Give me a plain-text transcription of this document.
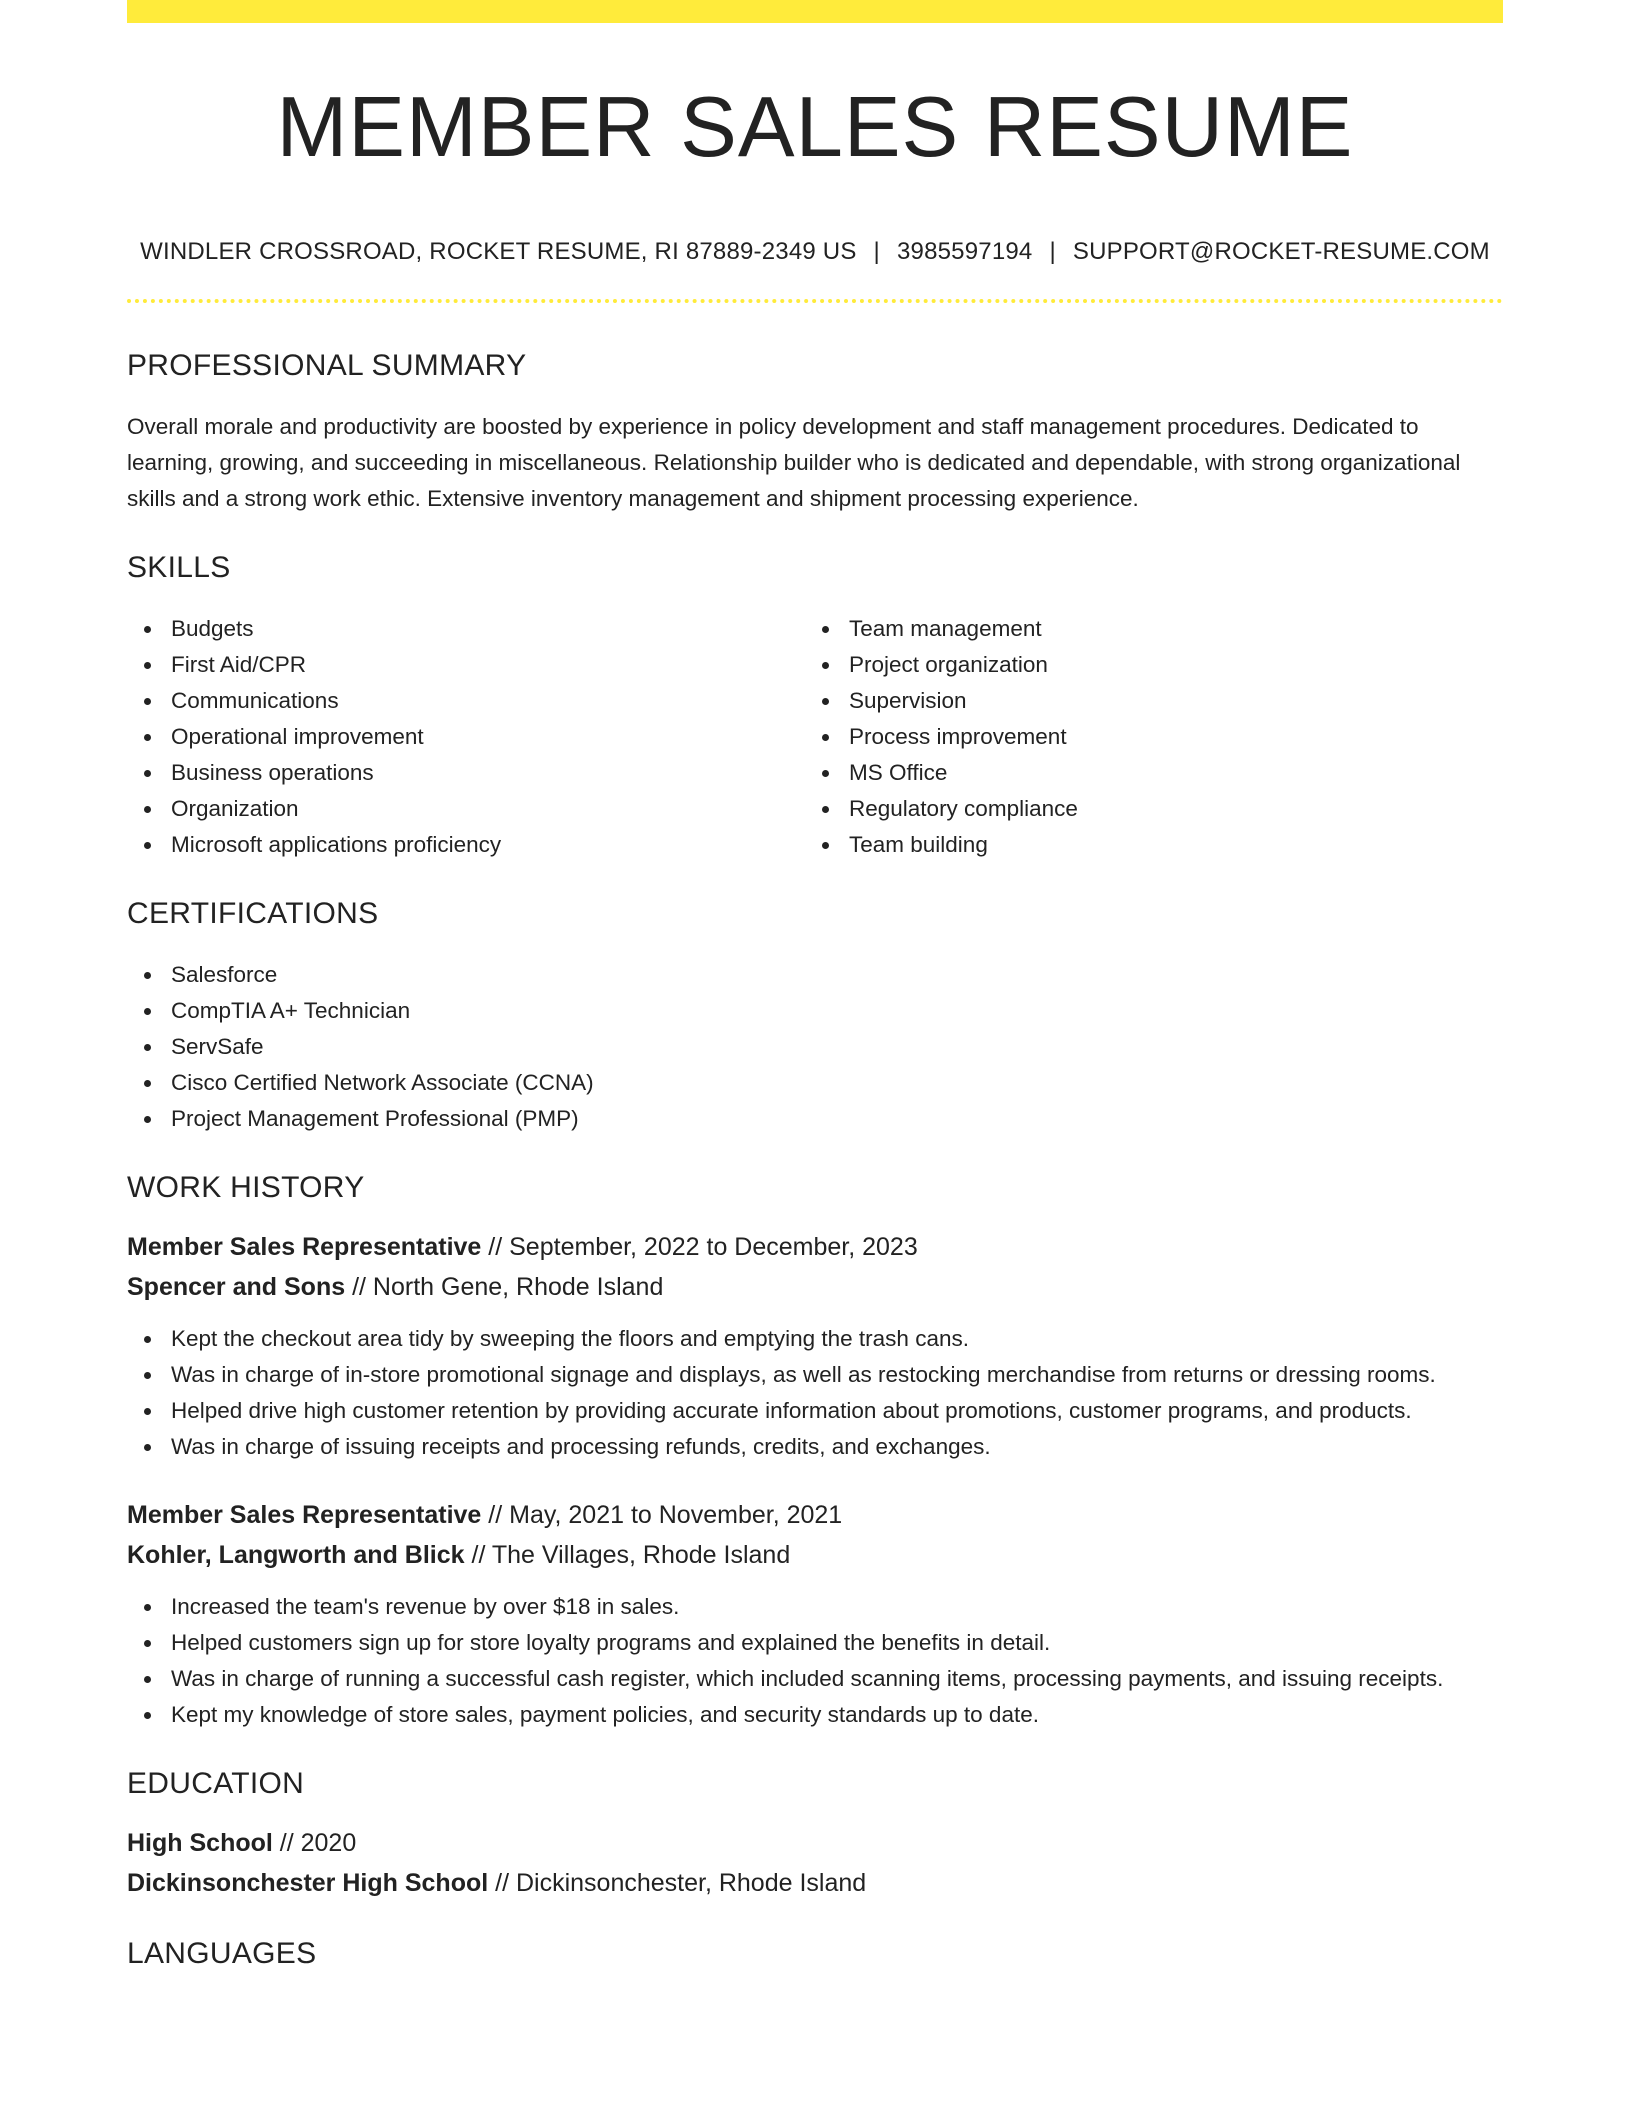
MEMBER SALES RESUME
WINDLER CROSSROAD, ROCKET RESUME, RI 87889-2349 US | 3985597194 | SUPPORT@ROCKET-RESUME.COM
PROFESSIONAL SUMMARY
Overall morale and productivity are boosted by experience in policy development and staff management procedures. Dedicated to learning, growing, and succeeding in miscellaneous. Relationship builder who is dedicated and dependable, with strong organizational skills and a strong work ethic. Extensive inventory management and shipment processing experience.
SKILLS
Budgets
First Aid/CPR
Communications
Operational improvement
Business operations
Organization
Microsoft applications proficiency
Team management
Project organization
Supervision
Process improvement
MS Office
Regulatory compliance
Team building
CERTIFICATIONS
Salesforce
CompTIA A+ Technician
ServSafe
Cisco Certified Network Associate (CCNA)
Project Management Professional (PMP)
WORK HISTORY
Member Sales Representative // September, 2022 to December, 2023
Spencer and Sons // North Gene, Rhode Island
Kept the checkout area tidy by sweeping the floors and emptying the trash cans.
Was in charge of in-store promotional signage and displays, as well as restocking merchandise from returns or dressing rooms.
Helped drive high customer retention by providing accurate information about promotions, customer programs, and products.
Was in charge of issuing receipts and processing refunds, credits, and exchanges.
Member Sales Representative // May, 2021 to November, 2021
Kohler, Langworth and Blick // The Villages, Rhode Island
Increased the team's revenue by over $18 in sales.
Helped customers sign up for store loyalty programs and explained the benefits in detail.
Was in charge of running a successful cash register, which included scanning items, processing payments, and issuing receipts.
Kept my knowledge of store sales, payment policies, and security standards up to date.
EDUCATION
High School // 2020
Dickinsonchester High School // Dickinsonchester, Rhode Island
LANGUAGES
